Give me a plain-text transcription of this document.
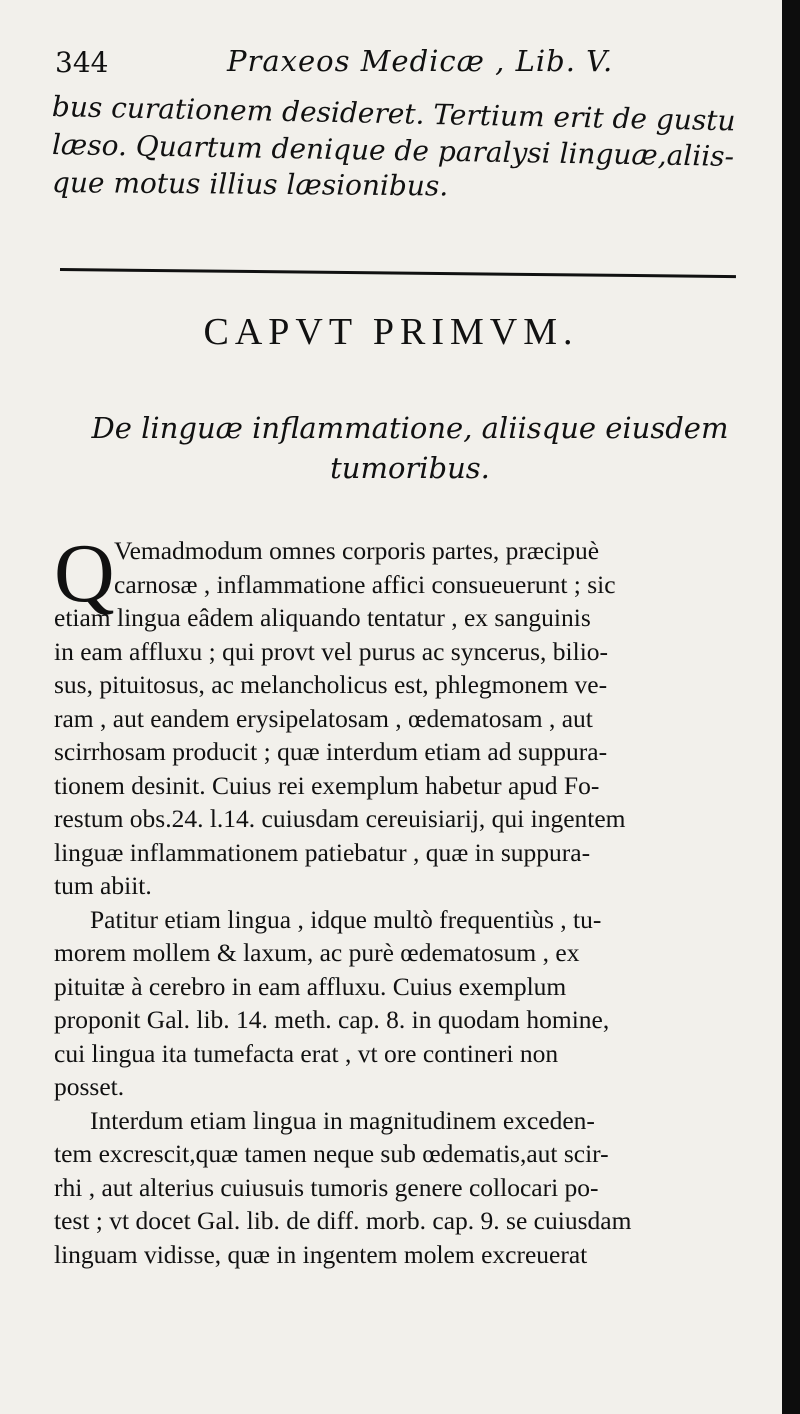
344	Praxeos Medicæ , Lib. V.
bus curationem desideret. Tertium erit de gustu
læso. Quartum denique de paralysi linguæ,aliis-
que motus illius læsionibus.
CAPVT PRIMVM.
De linguæ inflammatione, aliisque eiusdem
tumoribus.
Q Vemadmodum omnes corporis partes, præcipuè
carnosæ , inflammatione affici consueuerunt ; sic
etiam lingua eâdem aliquando tentatur , ex sanguinis
in eam affluxu ; qui provt vel purus ac syncerus, bilio-
sus, pituitosus, ac melancholicus est, phlegmonem ve-
ram , aut eandem erysipelatosam , œdematosam , aut
scirrhosam producit ; quæ interdum etiam ad suppura-
tionem desinit. Cuius rei exemplum habetur apud Fo-
restum obs.24. l.14. cuiusdam cereuisiarij, qui ingentem
linguæ inflammationem patiebatur , quæ in suppura-
tum abiit.
Patitur etiam lingua , idque multò frequentiùs , tu-
morem mollem & laxum, ac purè œdematosum , ex
pituitæ à cerebro in eam affluxu. Cuius exemplum
proponit Gal. lib. 14. meth. cap. 8. in quodam homine,
cui lingua ita tumefacta erat , vt ore contineri non
posset.
Interdum etiam lingua in magnitudinem exceden-
tem excrescit,quæ tamen neque sub œdematis,aut scir-
rhi , aut alterius cuiusuis tumoris genere collocari po-
test ; vt docet Gal. lib. de diff. morb. cap. 9. se cuiusdam
linguam vidisse, quæ in ingentem molem excreuerat
